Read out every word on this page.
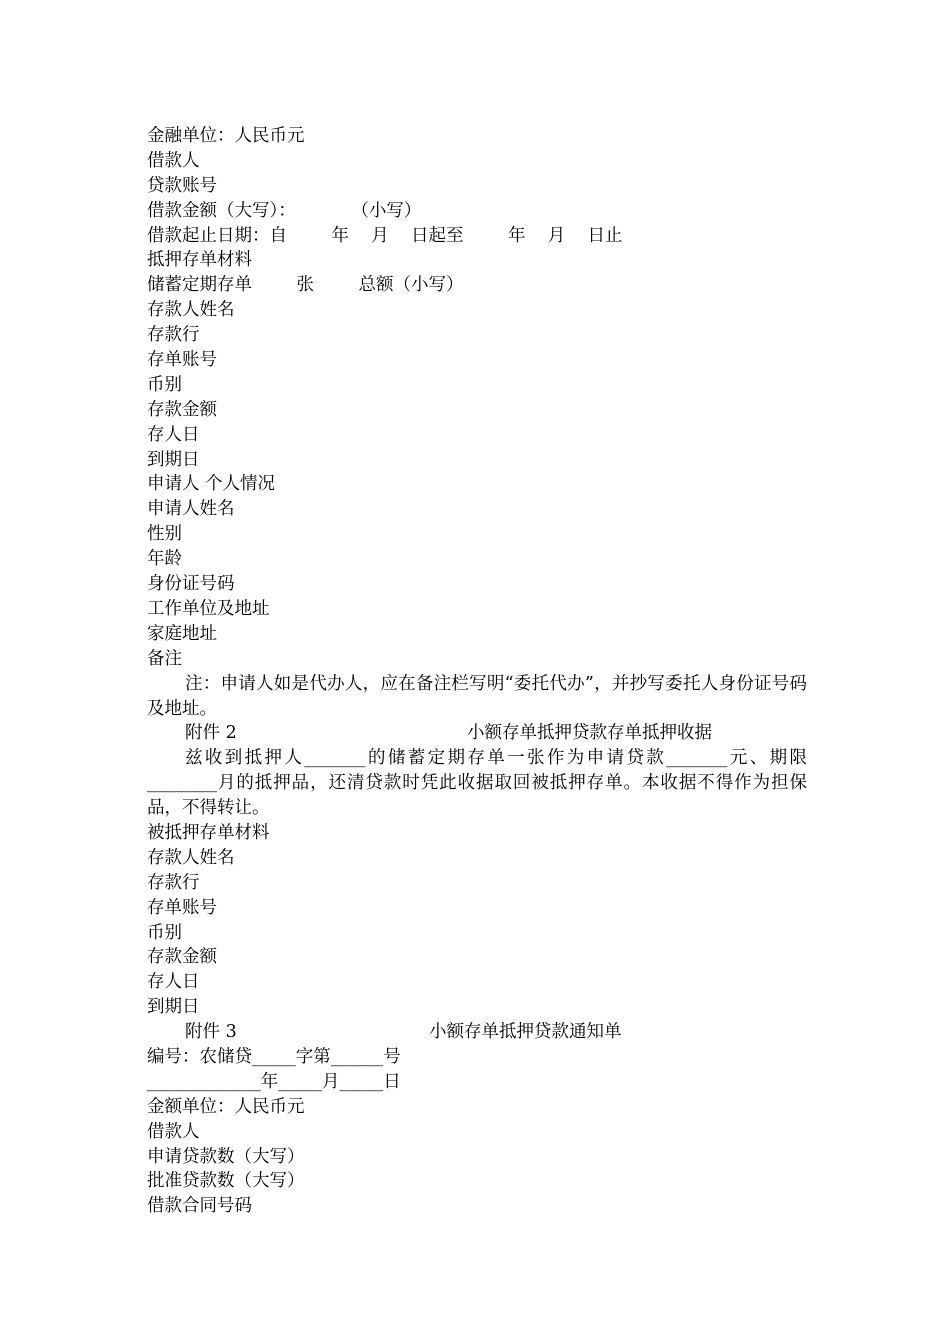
金融单位：人民币元
借款人
贷款账号
借款金额（大写）：          （小写）
借款起止日期：自        年    月    日起至        年    月    日止
抵押存单材料
储蓄定期存单        张        总额（小写）
存款人姓名
存款行
存单账号
币别
存款金额
存人日
到期日
申请人 个人情况
申请人姓名
性别
年龄
身份证号码
工作单位及地址
家庭地址
备注
注：申请人如是代办人，应在备注栏写明“委托代办”，并抄写委托人身份证号码及地址。

附件 2

	小额存单抵押贷款存单抵押收据

兹收到抵押人_______的储蓄定期存单一张作为申请贷款_______元、期限________月的抵押品，还清贷款时凭此收据取回被抵押存单。本收据不得作为担保品，不得转让。
被抵押存单材料
存款人姓名
存款行
存单账号
币别
存款金额
存人日
到期日

附件 3

	小额存单抵押贷款通知单

编号：农储贷_____字第______号
_____________年_____月_____日
金额单位：人民币元
借款人
申请贷款数（大写）
批准贷款数（大写）
借款合同号码
